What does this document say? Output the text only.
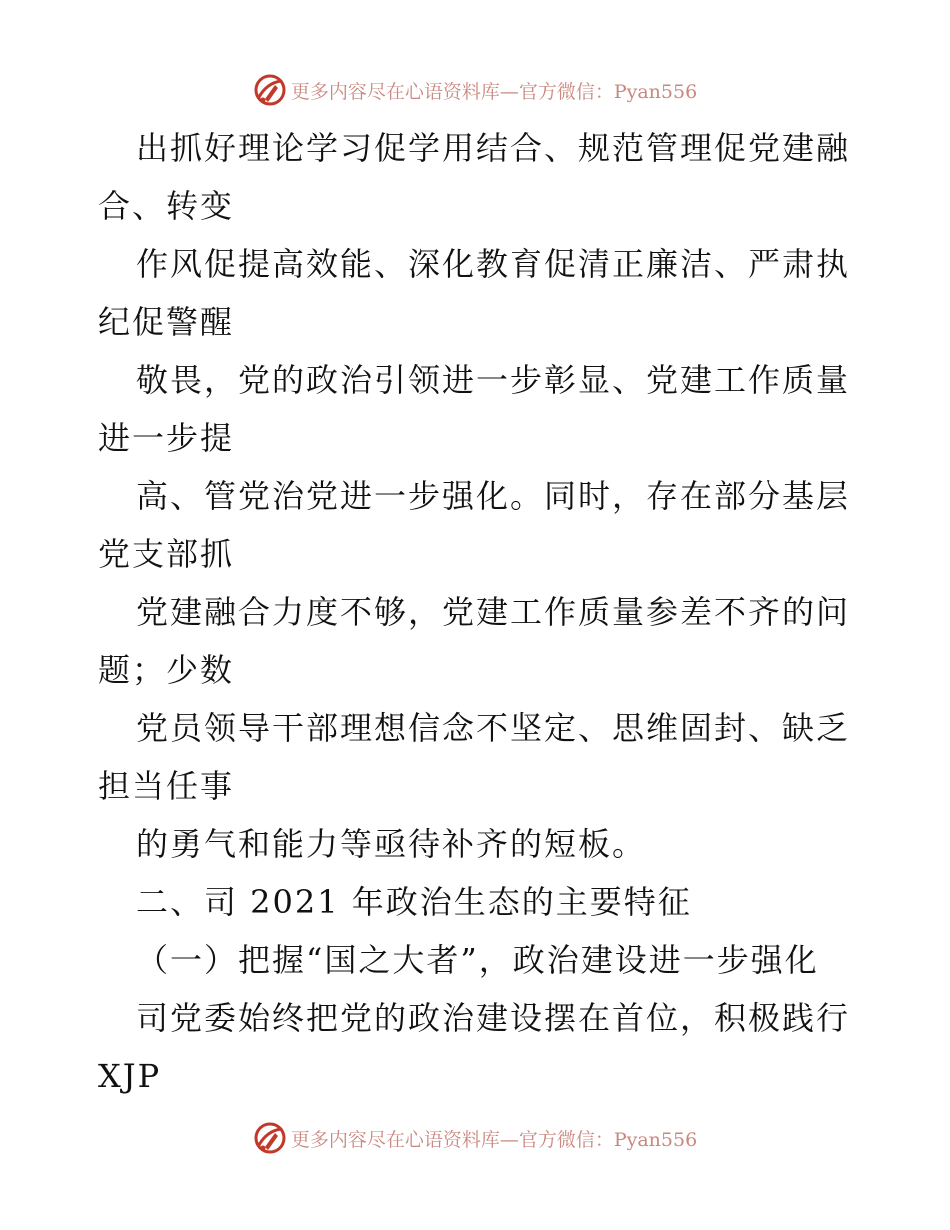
更多内容尽在心语资料库—官方微信：Pyan556
出抓好理论学习促学用结合、规范管理促党建融
合、转变
作风促提高效能、深化教育促清正廉洁、严肃执
纪促警醒
敬畏，党的政治引领进一步彰显、党建工作质量
进一步提
高、管党治党进一步强化。同时，存在部分基层
党支部抓
党建融合力度不够，党建工作质量参差不齐的问
题；少数
党员领导干部理想信念不坚定、思维固封、缺乏
担当任事
的勇气和能力等亟待补齐的短板。
二、司 2021 年政治生态的主要特征
（一）把握“国之大者”，政治建设进一步强化
司党委始终把党的政治建设摆在首位，积极践行
XJP
更多内容尽在心语资料库—官方微信：Pyan556
